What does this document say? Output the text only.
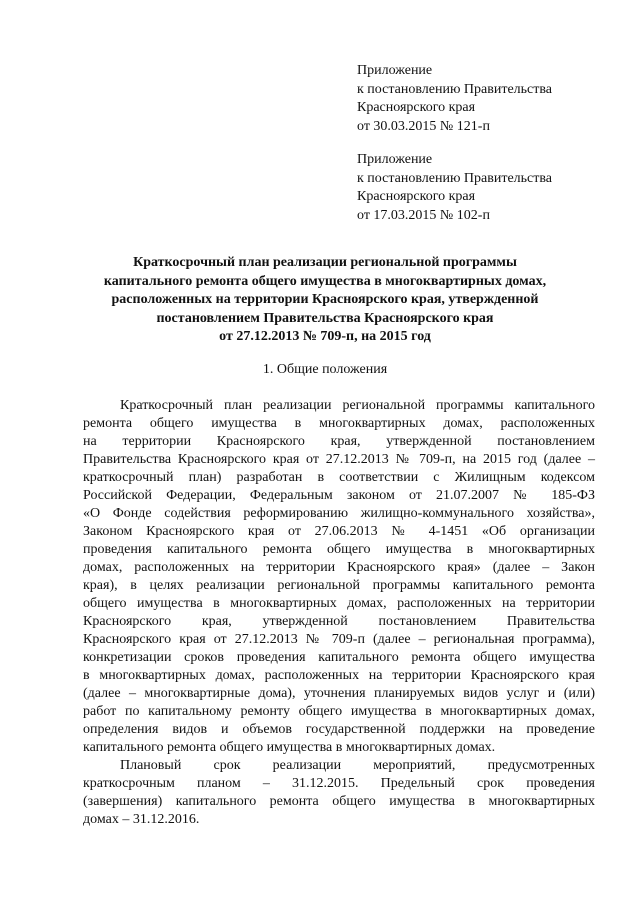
Приложение
к постановлению Правительства
Красноярского края
от 30.03.2015 № 121-п
Приложение
к постановлению Правительства
Красноярского края
от 17.03.2015 № 102-п
Краткосрочный план реализации региональной программы
капитального ремонта общего имущества в многоквартирных домах,
расположенных на территории Красноярского края, утвержденной
постановлением Правительства Красноярского края
от 27.12.2013 № 709-п, на 2015 год
1. Общие положения
Краткосрочный план реализации региональной программы капитального
ремонта общего имущества в многоквартирных домах, расположенных
на территории Красноярского края, утвержденной постановлением
Правительства Красноярского края от 27.12.2013 № 709-п, на 2015 год (далее –
краткосрочный план) разработан в соответствии с Жилищным кодексом
Российской Федерации, Федеральным законом от 21.07.2007 № 185-ФЗ
«О Фонде содействия реформированию жилищно-коммунального хозяйства»,
Законом Красноярского края от 27.06.2013 № 4-1451 «Об организации
проведения капитального ремонта общего имущества в многоквартирных
домах, расположенных на территории Красноярского края» (далее – Закон
края), в целях реализации региональной программы капитального ремонта
общего имущества в многоквартирных домах, расположенных на территории
Красноярского края, утвержденной постановлением Правительства
Красноярского края от 27.12.2013 № 709-п (далее – региональная программа),
конкретизации сроков проведения капитального ремонта общего имущества
в многоквартирных домах, расположенных на территории Красноярского края
(далее – многоквартирные дома), уточнения планируемых видов услуг и (или)
работ по капитальному ремонту общего имущества в многоквартирных домах,
определения видов и объемов государственной поддержки на проведение
капитального ремонта общего имущества в многоквартирных домах.
Плановый срок реализации мероприятий, предусмотренных
краткосрочным планом – 31.12.2015. Предельный срок проведения
(завершения) капитального ремонта общего имущества в многоквартирных
домах – 31.12.2016.
